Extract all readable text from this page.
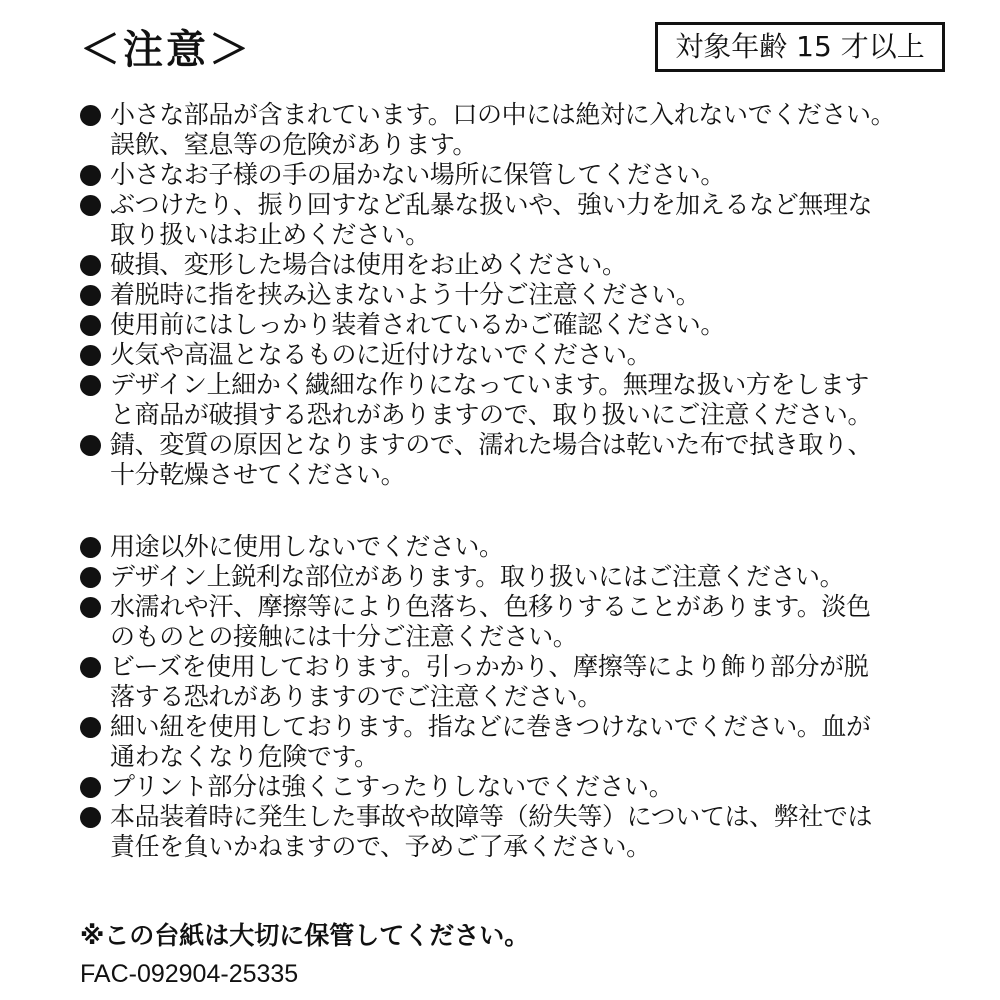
＜注意＞	対象年齢 15 才以上
小さな部品が含まれています。口の中には絶対に入れないでください。
誤飲、窒息等の危険があります。
小さなお子様の手の届かない場所に保管してください。
ぶつけたり、振り回すなど乱暴な扱いや、強い力を加えるなど無理な
取り扱いはお止めください。
破損、変形した場合は使用をお止めください。
着脱時に指を挟み込まないよう十分ご注意ください。
使用前にはしっかり装着されているかご確認ください。
火気や高温となるものに近付けないでください。
デザイン上細かく繊細な作りになっています。無理な扱い方をします
と商品が破損する恐れがありますので、取り扱いにご注意ください。
錆、変質の原因となりますので、濡れた場合は乾いた布で拭き取り、
十分乾燥させてください。
用途以外に使用しないでください。
デザイン上鋭利な部位があります。取り扱いにはご注意ください。
水濡れや汗、摩擦等により色落ち、色移りすることがあります。淡色
のものとの接触には十分ご注意ください。
ビーズを使用しております。引っかかり、摩擦等により飾り部分が脱
落する恐れがありますのでご注意ください。
細い紐を使用しております。指などに巻きつけないでください。血が
通わなくなり危険です。
プリント部分は強くこすったりしないでください。
本品装着時に発生した事故や故障等（紛失等）については、弊社では
責任を負いかねますので、予めご了承ください。
※この台紙は大切に保管してください。
FAC-092904-25335
